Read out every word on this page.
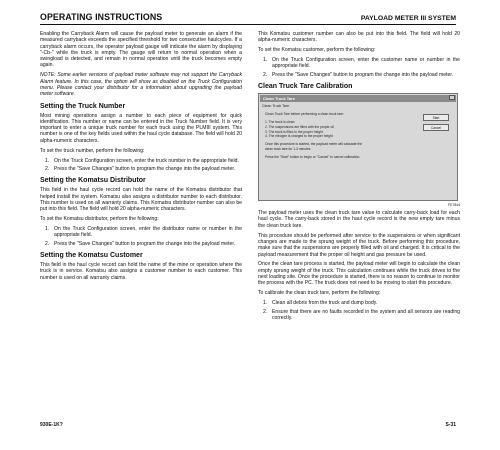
OPERATING INSTRUCTIONS	PAYLOAD METER III SYSTEM

Enabling the Carryback Alarm will cause the payload meter to generate an alarm if the measured carryback exceeds the specified threshold for two consecutive haulcycles. If a carryback alarm occurs, the operator payload gauge will indicate the alarm by displaying "-Cb-" while the truck is empty. The gauge will return to normal operation when a swingload is detected, and remain in normal operation until the truck becomes empty again.

NOTE: Some earlier versions of payload meter software may not support the Carryback Alarm feature. In this case, the option will show as disabled on the Truck Configuration menu. Please contact your distributor for a information about upgrading the payload meter software.

Setting the Truck Number

Most mining operations assign a number to each piece of equipment for quick identification. This number or name can be entered in the Truck Number field. It is very important to enter a unique truck number for each truck using the PLMIII system. This number is one of the key fields used within the haul cycle database. The field will hold 20 alpha-numeric characters.

To set the truck number, perform the following:

1. On the Truck Configuration screen, enter the truck number in the appropriate field.
2. Press the "Save Changes" button to program the change into the payload meter.
Setting the Komatsu Distributor

This field in the haul cycle record can hold the name of the Komatsu distributor that helped install the system. Komatsu also assigns a distributor number to each distributor. This number is used on all warranty claims. This Komatsu distributor number can also be put into this field. The field will hold 20 alpha-numeric characters.

To set the Komatsu distributor, perform the following:

1. On the Truck Configuration screen, enter the distributor name or number in the appropriate field.
2. Press the "Save Changes" button to program the change into the payload meter.
Setting the Komatsu Customer

This field in the haul cycle record can hold the name of the mine or operation where the truck is in service. Komatsu also assigns a customer number to each customer. This number is used on all warranty claims.

This Komatsu customer number can also be put into this field. The field will hold 20 alpha-numeric characters.

To set the Komatsu customer, perform the following:

1. On the Truck Configuration screen, enter the customer name or number in the appropriate field.
2. Press the "Save Changes" button to program the change into the payload meter.
Clean Truck Tare Calibration
Clean Truck Tare
Clean Truck Tare
Clean Truck Tare before performing a clean truck tare:
1. The truck is clean
2. The suspensions are filled with the proper oil
3. The truck is filled to the proper height
4. The nitrogen is charged to the proper height
Once this procedure is started, the payload meter will calculate the
clean truck tare for 1-3 minutes
Press the "Start" button to begin or "Cancel" to cancel calibration.
Start
Cancel
FE7844

The payload meter uses the clean truck tare value to calculate carry-back load for each haul cycle. The carry-back stored in the haul cycle record is the new empty tare minus the clean truck tare.

This procedure should be performed after service to the suspensions or when significant changes are made to the sprung weight of the truck. Before performing this procedure, make sure that the suspensions are properly filled with oil and charged. It is critical to the payload measurement that the proper oil height and gas pressure be used.

Once the clean tare process is started, the payload meter will begin to calculate the clean empty sprung weight of the truck. This calculation continues while the truck drives to the next loading site. Once the procedure is started, there is no reason to continue to monitor the process with the PC. The truck does not need to be moving to start this procedure.

To calibrate the clean truck tare, perform the following:

1. Clean all debris from the truck and dump body.
2. Ensure that there are no faults recorded in the system and all sensors are reading correctly.
930E-1K?	S-31
